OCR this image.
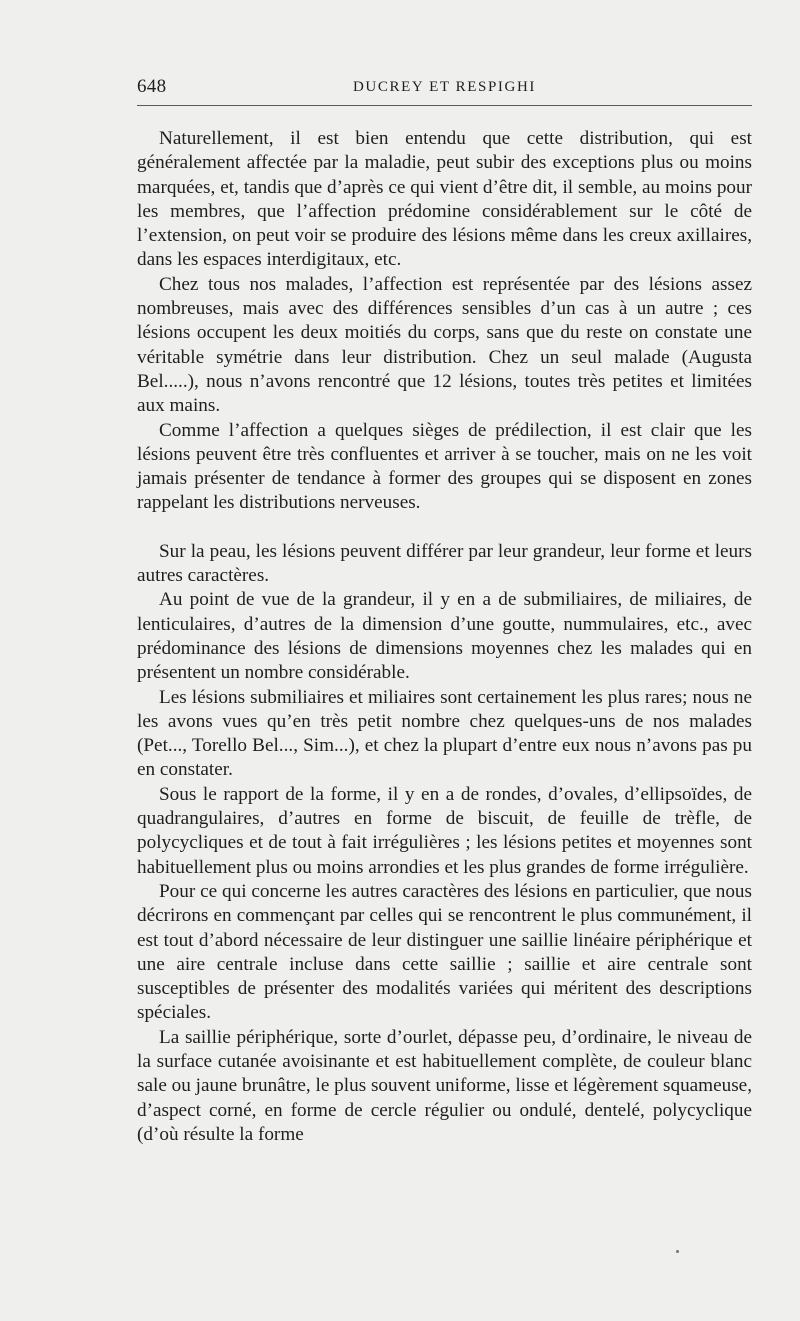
648	DUCREY ET RESPIGHI

Naturellement, il est bien entendu que cette distribution, qui est généralement affectée par la maladie, peut subir des exceptions plus ou moins marquées, et, tandis que d’après ce qui vient d’être dit, il semble, au moins pour les membres, que l’affection prédomine considérablement sur le côté de l’extension, on peut voir se produire des lésions même dans les creux axillaires, dans les espaces interdigitaux, etc.

Chez tous nos malades, l’affection est représentée par des lésions assez nombreuses, mais avec des différences sensibles d’un cas à un autre ; ces lésions occupent les deux moitiés du corps, sans que du reste on constate une véritable symétrie dans leur distribution. Chez un seul malade (Augusta Bel.....), nous n’avons rencontré que 12 lésions, toutes très petites et limitées aux mains.

Comme l’affection a quelques sièges de prédilection, il est clair que les lésions peuvent être très confluentes et arriver à se toucher, mais on ne les voit jamais présenter de tendance à former des groupes qui se disposent en zones rappelant les distributions nerveuses.

Sur la peau, les lésions peuvent différer par leur grandeur, leur forme et leurs autres caractères.

Au point de vue de la grandeur, il y en a de submiliaires, de miliaires, de lenticulaires, d’autres de la dimension d’une goutte, nummulaires, etc., avec prédominance des lésions de dimensions moyennes chez les malades qui en présentent un nombre considérable.

Les lésions submiliaires et miliaires sont certainement les plus rares; nous ne les avons vues qu’en très petit nombre chez quelques-uns de nos malades (Pet..., Torello Bel..., Sim...), et chez la plupart d’entre eux nous n’avons pas pu en constater.

Sous le rapport de la forme, il y en a de rondes, d’ovales, d’ellipsoïdes, de quadrangulaires, d’autres en forme de biscuit, de feuille de trèfle, de polycycliques et de tout à fait irrégulières ; les lésions petites et moyennes sont habituellement plus ou moins arrondies et les plus grandes de forme irrégulière.

Pour ce qui concerne les autres caractères des lésions en particulier, que nous décrirons en commençant par celles qui se rencontrent le plus communément, il est tout d’abord nécessaire de leur distinguer une saillie linéaire périphérique et une aire centrale incluse dans cette saillie ; saillie et aire centrale sont susceptibles de présenter des modalités variées qui méritent des descriptions spéciales.

La saillie périphérique, sorte d’ourlet, dépasse peu, d’ordinaire, le niveau de la surface cutanée avoisinante et est habituellement complète, de couleur blanc sale ou jaune brunâtre, le plus souvent uniforme, lisse et légèrement squameuse, d’aspect corné, en forme de cercle régulier ou ondulé, dentelé, polycyclique (d’où résulte la forme
